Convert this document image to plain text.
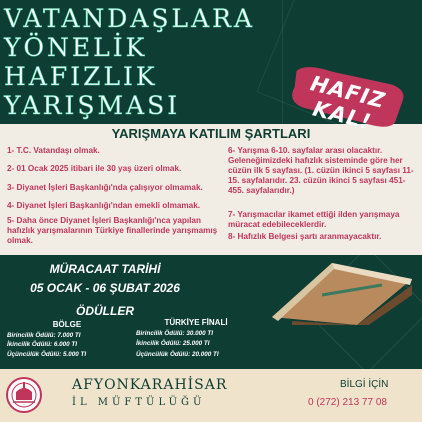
VATANDAŞLARA
YÖNELİK
HAFIZLIK
YARIŞMASI	HAFIZ KAL!
YARIŞMAYA KATILIM ŞARTLARI
1- T.C. Vatandaşı olmak.
2- 01 Ocak 2025 itibari ile 30 yaş üzeri olmak.
3- Diyanet İşleri Başkanlığı'nda çalışıyor olmamak.
4- Diyanet İşleri Başkanlığı'ndan emekli olmamak.
5- Daha önce Diyanet İşleri Başkanlığı'nca yapılan hafızlık yarışmalarının Türkiye finallerinde yarışmamış olmak.
6- Yarışma 6-10. sayfalar arası olacaktır. Geleneğimizdeki hafızlık sisteminde göre her cüzün ilk 5 sayfası. (1. cüzün ikinci 5 sayfası 11-15. sayfalarıdır. 23. cüzün ikinci 5 sayfası 451-455. sayfalarıdır.)
7- Yarışmacılar ikamet ettiği ilden yarışmaya müracat edebileceklerdir.
8- Hafızlık Belgesi şartı aranmayacaktır.
MÜRACAAT TARİHİ
05 OCAK - 06 ŞUBAT 2026
ÖDÜLLER
BÖLGE
Birincilik Ödülü: 7.000 TI
İkincilik Ödülü: 6.000 TI
Üçüncülük Ödülü: 5.000 TI
TÜRKİYE FİNALİ
Birincilik Ödülü: 30.000 TI
İkincilik Ödülü: 25.000 TI
Üçüncülük Ödülü: 20.000 TI
AFYONKARAHİSAR
İL MÜFTÜLÜĞÜ
BİLGİ İÇİN
0 (272) 213 77 08
